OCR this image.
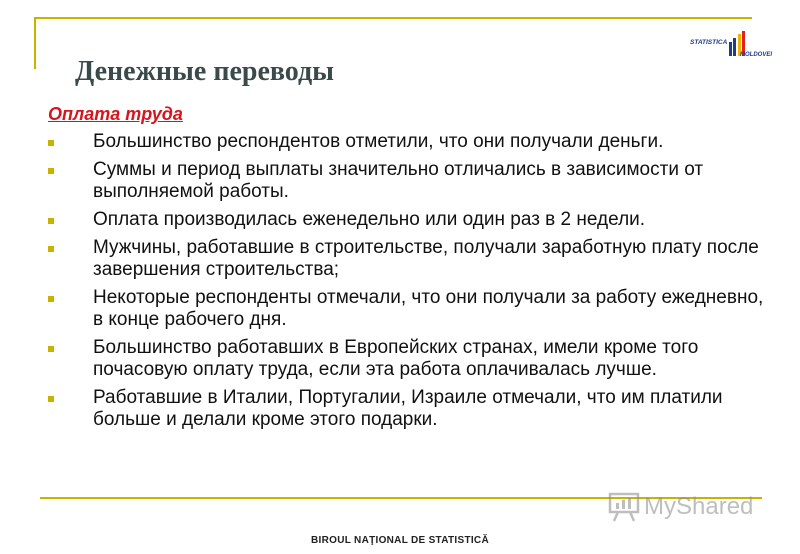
STATISTICA
MOLDOVEI
Денежные переводы
Оплата труда
Большинство респондентов отметили, что они получали деньги.
Суммы и период выплаты значительно отличались в зависимости от выполняемой работы.
Оплата производилась еженедельно или один раз в 2 недели.
Мужчины, работавшие в строительстве, получали заработную плату после завершения строительства;
Некоторые респонденты отмечали, что они получали за работу ежедневно, в конце рабочего дня.
Большинство работавших в Европейских странах, имели кроме того почасовую оплату труда, если эта работа оплачивалась лучше.
Работавшие в Италии, Португалии, Израиле отмечали, что им платили больше и делали кроме этого подарки.
MyShared
BIROUL NAŢIONAL DE STATISTICĂ
